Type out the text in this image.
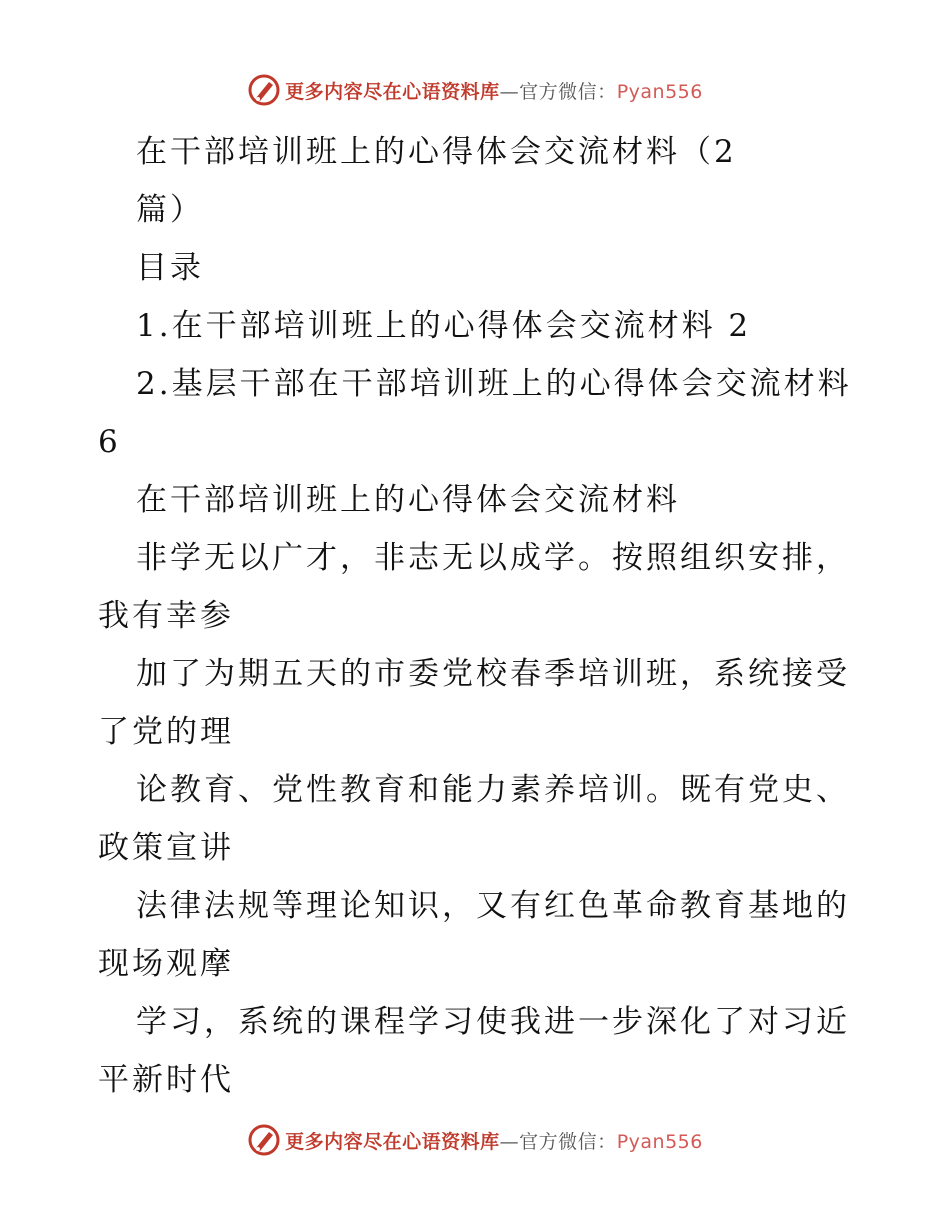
更多内容尽在心语资料库—官方微信：Pyan556
在干部培训班上的心得体会交流材料（2
篇）
目录
1.在干部培训班上的心得体会交流材料 2
2.基层干部在干部培训班上的心得体会交流材料
6
在干部培训班上的心得体会交流材料
非学无以广才，非志无以成学。按照组织安排，
我有幸参
加了为期五天的市委党校春季培训班，系统接受
了党的理
论教育、党性教育和能力素养培训。既有党史、
政策宣讲
法律法规等理论知识，又有红色革命教育基地的
现场观摩
学习，系统的课程学习使我进一步深化了对习近
平新时代
更多内容尽在心语资料库—官方微信：Pyan556
